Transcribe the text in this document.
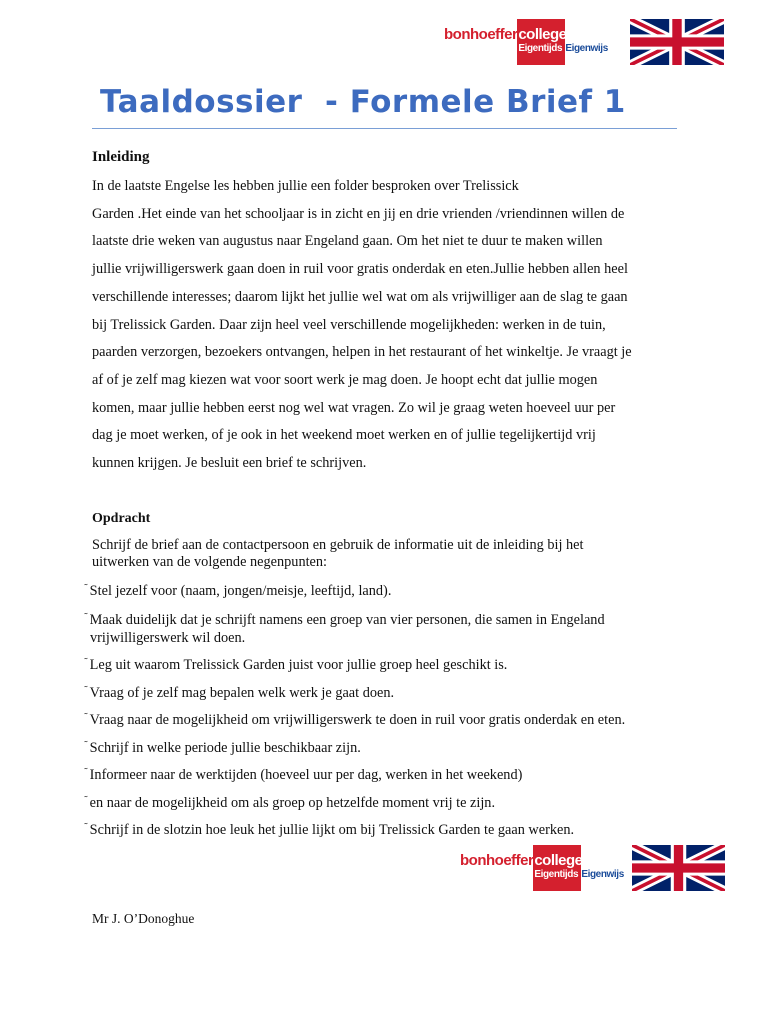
bonhoeffer college
Eigentijds Eigenwijs
Taaldossier  - Formele Brief 1
Inleiding

In de laatste Engelse les hebben jullie een folder besproken over Trelissick

Garden .Het einde van het schooljaar is in zicht en jij en drie vrienden /vriendinnen willen de

laatste drie weken van augustus naar Engeland gaan. Om het niet te duur te maken willen

jullie vrijwilligerswerk gaan doen in ruil voor gratis onderdak en eten.Jullie hebben allen heel

verschillende interesses; daarom lijkt het jullie wel wat om als vrijwilliger aan de slag te gaan

bij Trelissick Garden. Daar zijn heel veel verschillende mogelijkheden: werken in de tuin,

paarden verzorgen, bezoekers ontvangen, helpen in het restaurant of het winkeltje. Je vraagt je

af of je zelf mag kiezen wat voor soort werk je mag doen. Je hoopt echt dat jullie mogen

komen, maar jullie hebben eerst nog wel wat vragen. Zo wil je graag weten hoeveel uur per

dag je moet werken, of je ook in het weekend moet werken en of jullie tegelijkertijd vrij

kunnen krijgen. Je besluit een brief te schrijven.

Opdracht
Schrijf de brief aan de contactpersoon en gebruik de informatie uit de inleiding bij het
uitwerken van de volgende negenpunten:
˜ Stel jezelf voor (naam, jongen/meisje, leeftijd, land).
˜ Maak duidelijk dat je schrijft namens een groep van vier personen, die samen in Engeland
vrijwilligerswerk wil doen.
˜ Leg uit waarom Trelissick Garden juist voor jullie groep heel geschikt is.
˜ Vraag of je zelf mag bepalen welk werk je gaat doen.
˜ Vraag naar de mogelijkheid om vrijwilligerswerk te doen in ruil voor gratis onderdak en eten.
˜ Schrijf in welke periode jullie beschikbaar zijn.
˜ Informeer naar de werktijden (hoeveel uur per dag, werken in het weekend)
˜ en naar de mogelijkheid om als groep op hetzelfde moment vrij te zijn.
˜ Schrijf in de slotzin hoe leuk het jullie lijkt om bij Trelissick Garden te gaan werken.
bonhoeffer college
Eigentijds Eigenwijs
Mr J. O’Donoghue
